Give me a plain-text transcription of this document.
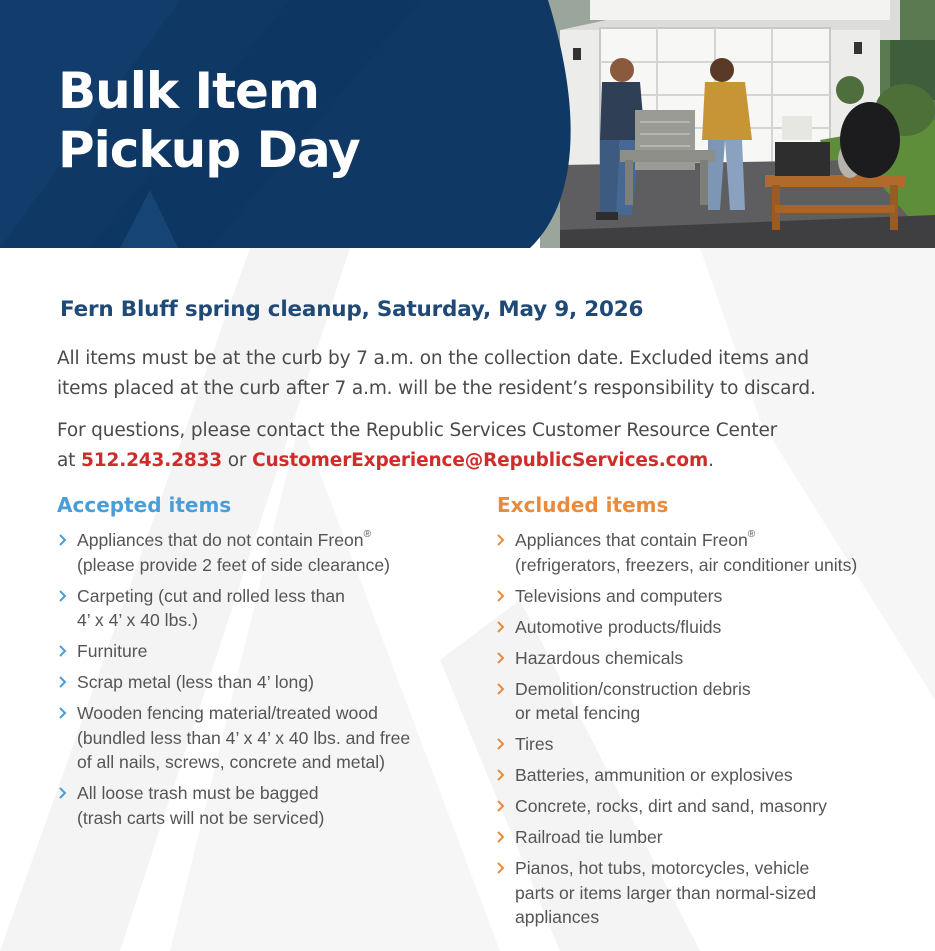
Bulk Item
Pickup Day
Fern Bluff spring cleanup, Saturday, May 9, 2026
All items must be at the curb by 7 a.m. on the collection date. Excluded items and
items placed at the curb after 7 a.m. will be the resident’s responsibility to discard.
For questions, please contact the Republic Services Customer Resource Center
at 512.243.2833 or CustomerExperience@RepublicServices.com.
Accepted items	Excluded items
Appliances that do not contain Freon®
(please provide 2 feet of side clearance)
Carpeting (cut and rolled less than
4’ x 4’ x 40 lbs.)
Furniture
Scrap metal (less than 4’ long)
Wooden fencing material/treated wood
(bundled less than 4’ x 4’ x 40 lbs. and free
of all nails, screws, concrete and metal)
All loose trash must be bagged
(trash carts will not be serviced)
Appliances that contain Freon®
(refrigerators, freezers, air conditioner units)
Televisions and computers
Automotive products/fluids
Hazardous chemicals
Demolition/construction debris
or metal fencing
Tires
Batteries, ammunition or explosives
Concrete, rocks, dirt and sand, masonry
Railroad tie lumber
Pianos, hot tubs, motorcycles, vehicle
parts or items larger than normal-sized
appliances
